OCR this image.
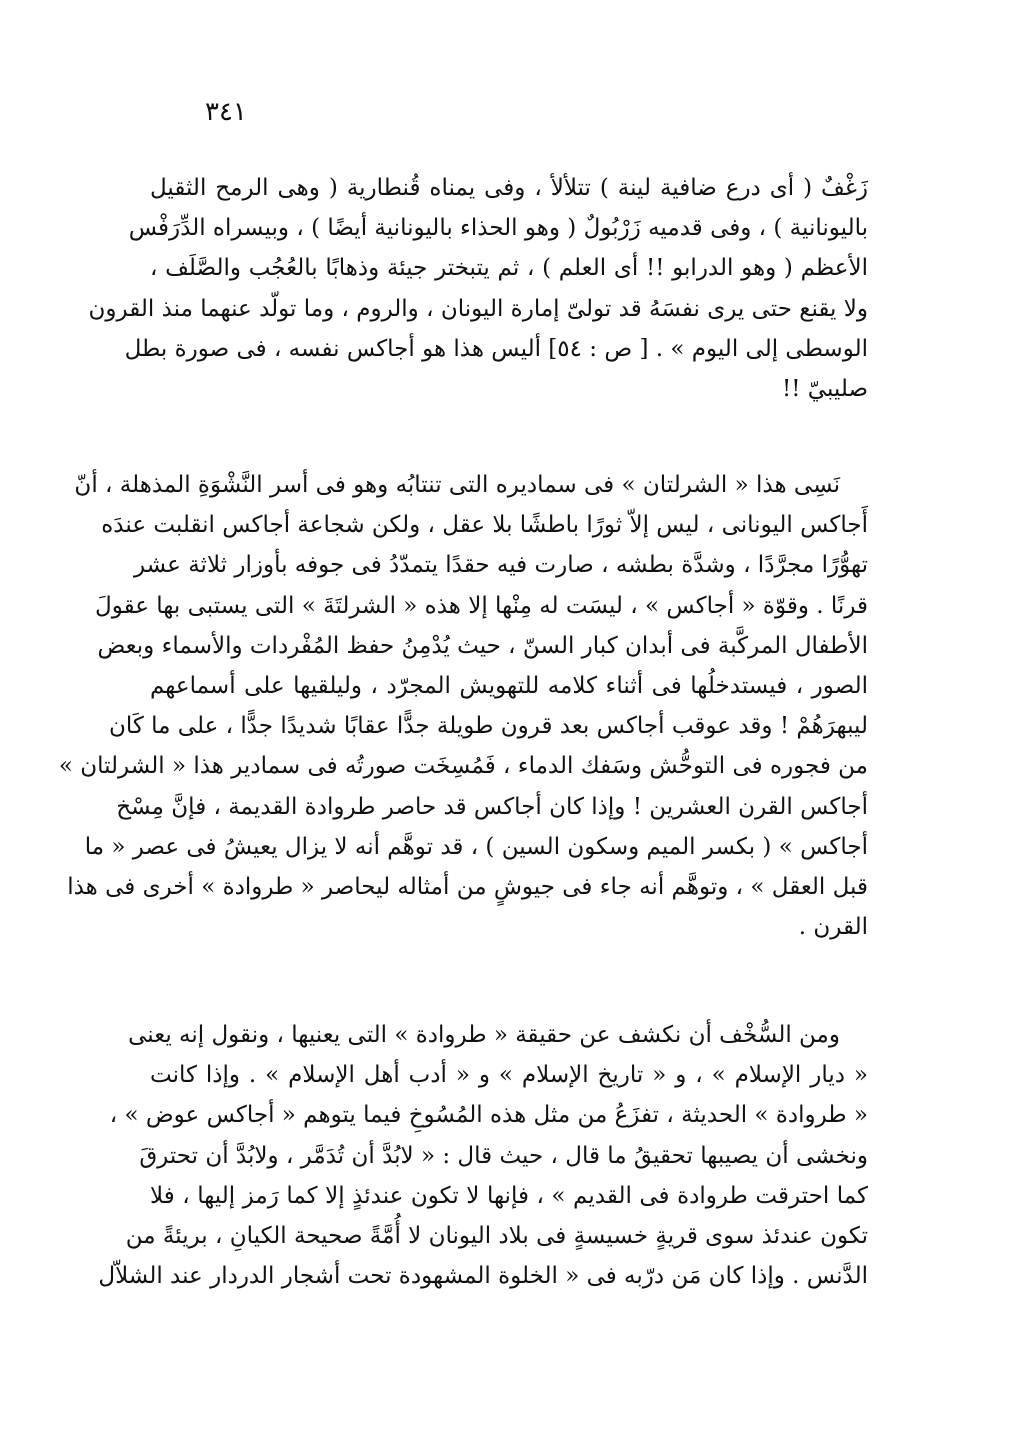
٣٤١
زَغْفٌ ( أى درع ضافية لينة ) تتلألأ ، وفى يمناه قُنطارية ( وهى الرمح الثقيل
باليونانية ) ، وفى قدميه زَرْبُولٌ ( وهو الحذاء باليونانية أيضًا ) ، وبيسراه الدِّرَفْس
الأعظم ( وهو الدرابو !! أى العلم ) ، ثم يتبختر جيئة وذهابًا بالعُجُب والصَّلَف ،
ولا يقنع حتى يرى نفسَهُ قد تولىّ إمارة اليونان ، والروم ، وما تولّد عنهما منذ القرون
الوسطى إلى اليوم » . [ ص : ٥٤] أليس هذا هو أجاكس نفسه ، فى صورة بطل
صليبيّ !!
نَسِى هذا « الشرلتان » فى سماديره التى تنتابُه وهو فى أسر النَّشْوَةِ المذهلة ، أنّ
أَجاكس اليونانى ، ليس إلاّ ثورًا باطشًا بلا عقل ، ولكن شجاعة أجاكس انقلبت عندَه
تهوُّرًا مجرَّدًا ، وشدَّة بطشه ، صارت فيه حقدًا يتمدّدُ فى جوفه بأوزار ثلاثة عشر
قرنًا . وقوّة « أجاكس » ، ليسَت له مِنْها إلا هذه « الشرلتَةَ » التى يستبى بها عقولَ
الأطفال المركَّبة فى أبدان كبار السنّ ، حيث يُدْمِنُ حفظ المُفْردات والأسماء وبعض
الصور ، فيستدخلُها فى أثناء كلامه للتهويش المجرّد ، وليلقيها على أسماعهم
ليبهرَهُمْ ! وقد عوقب أجاكس بعد قرون طويلة جدًّا عقابًا شديدًا جدًّا ، على ما كَان
من فجوره فى التوحُّش وسَفك الدماء ، فَمُسِخَت صورتُه فى سمادير هذا « الشرلتان »
أجاكس القرن العشرين ! وإذا كان أجاكس قد حاصر طروادة القديمة ، فإنَّ مِسْخ
أجاكس » ( بكسر الميم وسكون السين ) ، قد توهَّم أنه لا يزال يعيشُ فى عصر « ما
قبل العقل » ، وتوهَّم أنه جاء فى جيوشٍ من أمثاله ليحاصر « طروادة » أخرى فى هذا
القرن .
ومن السُّخْف أن نكشف عن حقيقة « طروادة » التى يعنيها ، ونقول إنه يعنى
« ديار الإسلام » ، و « تاريخ الإسلام » و « أدب أهل الإسلام » . وإذا كانت
« طروادة » الحديثة ، تفزَعُ من مثل هذه المُسُوخِ فيما يتوهم « أجاكس عوض » ،
ونخشى أن يصيبها تحقيقُ ما قال ، حيث قال : « لابُدَّ أن تُدَمَّر ، ولابُدَّ أن تحترقَ
كما احترقت طروادة فى القديم » ، فإنها لا تكون عندئذٍ إلا كما رَمز إليها ، فلا
تكون عندئذ سوى قريةٍ خسيسةٍ فى بلاد اليونان لا أُمَّةً صحيحة الكيانِ ، بريئةً من
الدَّنس . وإذا كان مَن درّبه فى « الخلوة المشهودة تحت أشجار الدردار عند الشلاّل
